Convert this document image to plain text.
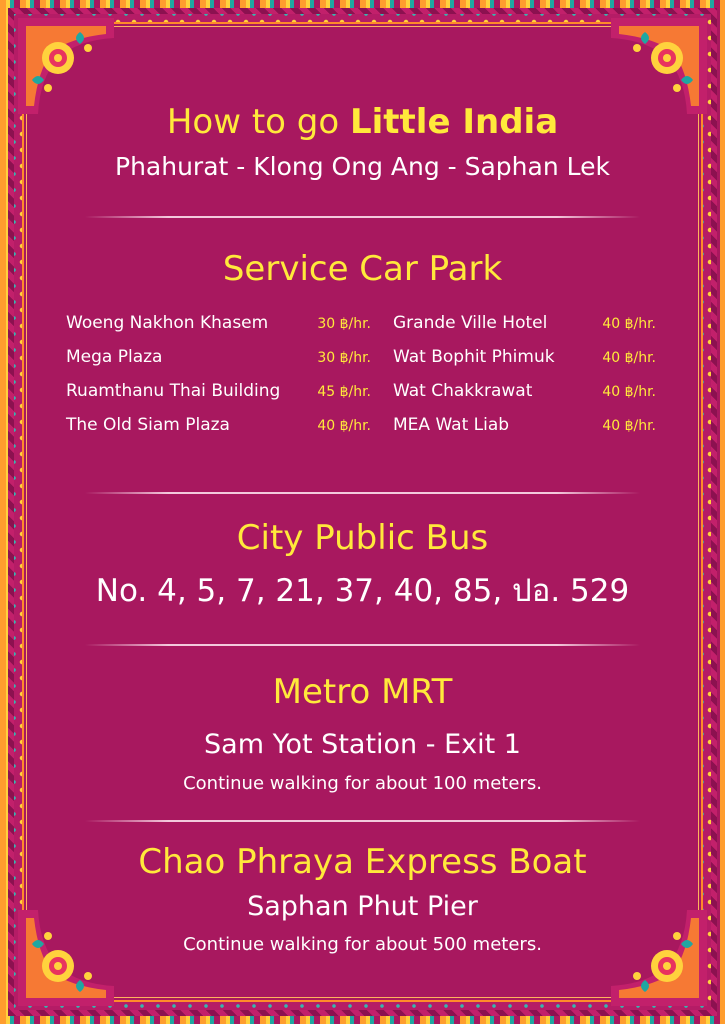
How to go Little India
Phahurat - Klong Ong Ang - Saphan Lek
Service Car Park
Woeng Nakhon Khasem	30 ฿/hr.
Mega Plaza	30 ฿/hr.
Ruamthanu Thai Building	45 ฿/hr.
The Old Siam Plaza	40 ฿/hr.
Grande Ville Hotel	40 ฿/hr.
Wat Bophit Phimuk	40 ฿/hr.
Wat Chakkrawat	40 ฿/hr.
MEA Wat Liab	40 ฿/hr.
City Public Bus
No. 4, 5, 7, 21, 37, 40, 85, ปอ. 529
Metro MRT
Sam Yot Station - Exit 1
Continue walking for about 100 meters.
Chao Phraya Express Boat
Saphan Phut Pier
Continue walking for about 500 meters.
